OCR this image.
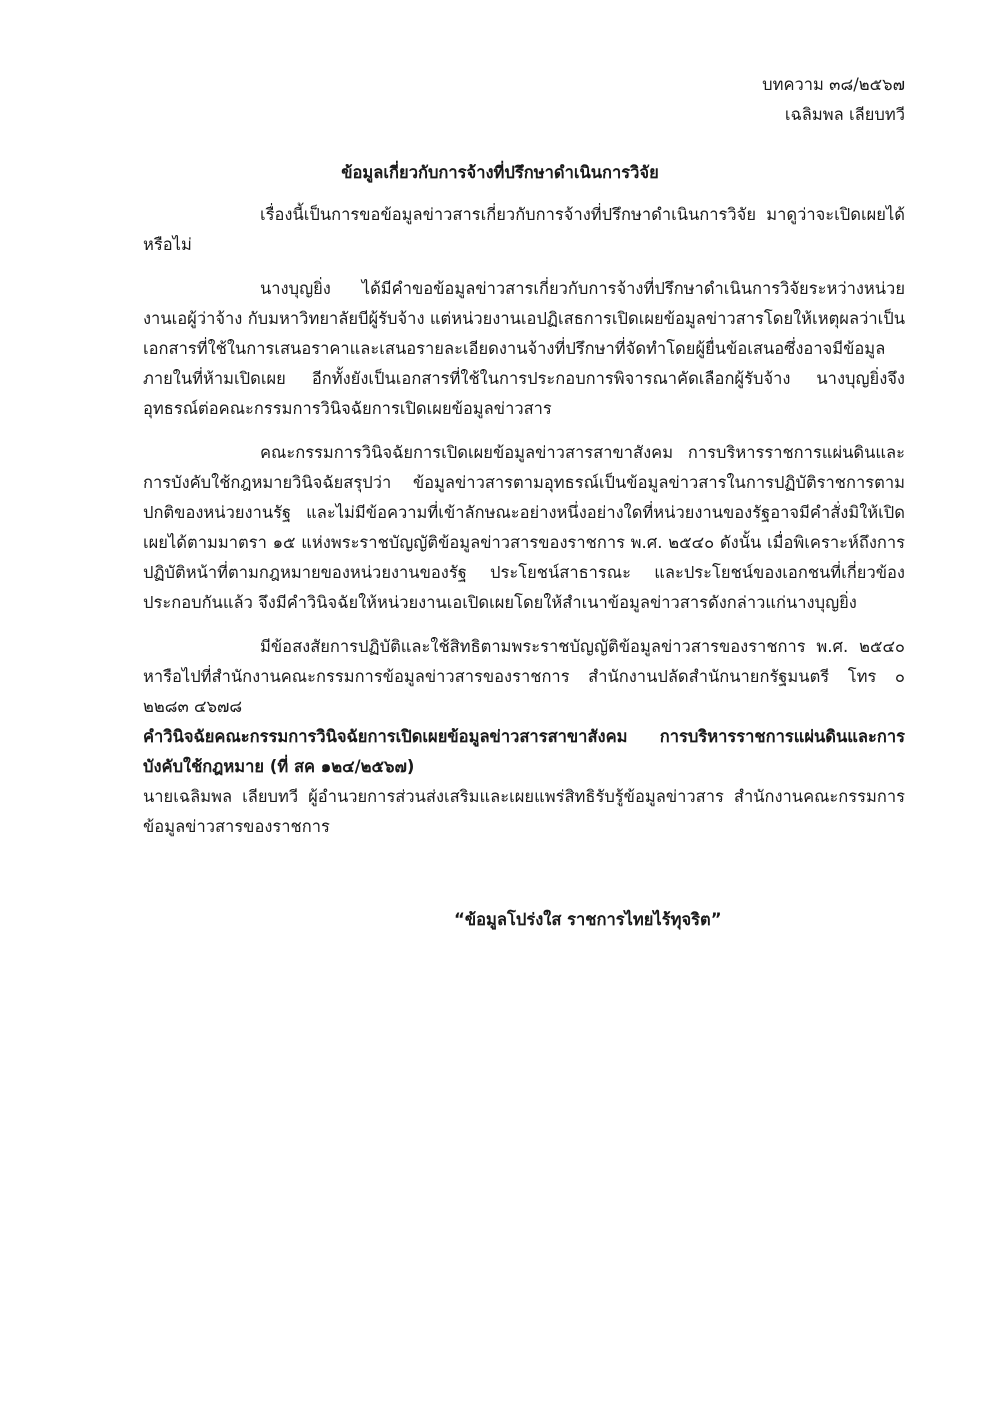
บทความ ๓๘/๒๕๖๗
เฉลิมพล เลียบทวี
ข้อมูลเกี่ยวกับการจ้างที่ปรึกษาดำเนินการวิจัย

เรื่องนี้เป็นการขอข้อมูลข่าวสารเกี่ยวกับการจ้างที่ปรึกษาดำเนินการวิจัย มาดูว่าจะเปิดเผยได้หรือไม่

นางบุญยิ่ง ได้มีคำขอข้อมูลข่าวสารเกี่ยวกับการจ้างที่ปรึกษาดำเนินการวิจัยระหว่างหน่วยงานเอผู้ว่าจ้าง กับมหาวิทยาลัยบีผู้รับจ้าง แต่หน่วยงานเอปฏิเสธการเปิดเผยข้อมูลข่าวสารโดยให้เหตุผลว่าเป็นเอกสารที่ใช้ในการเสนอราคาและเสนอรายละเอียดงานจ้างที่ปรึกษาที่จัดทำโดยผู้ยื่นข้อเสนอซึ่งอาจมีข้อมูลภายในที่ห้ามเปิดเผย อีกทั้งยังเป็นเอกสารที่ใช้ในการประกอบการพิจารณาคัดเลือกผู้รับจ้าง นางบุญยิ่งจึงอุทธรณ์ต่อคณะกรรมการวินิจฉัยการเปิดเผยข้อมูลข่าวสาร

คณะกรรมการวินิจฉัยการเปิดเผยข้อมูลข่าวสารสาขาสังคม การบริหารราชการแผ่นดินและการบังคับใช้กฎหมายวินิจฉัยสรุปว่า ข้อมูลข่าวสารตามอุทธรณ์เป็นข้อมูลข่าวสารในการปฏิบัติราชการตามปกติของหน่วยงานรัฐ และไม่มีข้อความที่เข้าลักษณะอย่างหนึ่งอย่างใดที่หน่วยงานของรัฐอาจมีคำสั่งมิให้เปิดเผยได้ตามมาตรา ๑๕ แห่งพระราชบัญญัติข้อมูลข่าวสารของราชการ พ.ศ. ๒๕๔๐ ดังนั้น เมื่อพิเคราะห์ถึงการปฏิบัติหน้าที่ตามกฎหมายของหน่วยงานของรัฐ ประโยชน์สาธารณะ และประโยชน์ของเอกชนที่เกี่ยวข้องประกอบกันแล้ว จึงมีคำวินิจฉัยให้หน่วยงานเอเปิดเผยโดยให้สำเนาข้อมูลข่าวสารดังกล่าวแก่นางบุญยิ่ง

มีข้อสงสัยการปฏิบัติและใช้สิทธิตามพระราชบัญญัติข้อมูลข่าวสารของราชการ พ.ศ. ๒๕๔๐ หารือไปที่สำนักงานคณะกรรมการข้อมูลข่าวสารของราชการ สำนักงานปลัดสำนักนายกรัฐมนตรี โทร ๐ ๒๒๘๓ ๔๖๗๘

คำวินิจฉัยคณะกรรมการวินิจฉัยการเปิดเผยข้อมูลข่าวสารสาขาสังคม การบริหารราชการแผ่นดินและการบังคับใช้กฎหมาย (ที่ สค ๑๒๔/๒๕๖๗)

นายเฉลิมพล เลียบทวี ผู้อำนวยการส่วนส่งเสริมและเผยแพร่สิทธิรับรู้ข้อมูลข่าวสาร สำนักงานคณะกรรมการข้อมูลข่าวสารของราชการ

“ข้อมูลโปร่งใส ราชการไทยไร้ทุจริต”
